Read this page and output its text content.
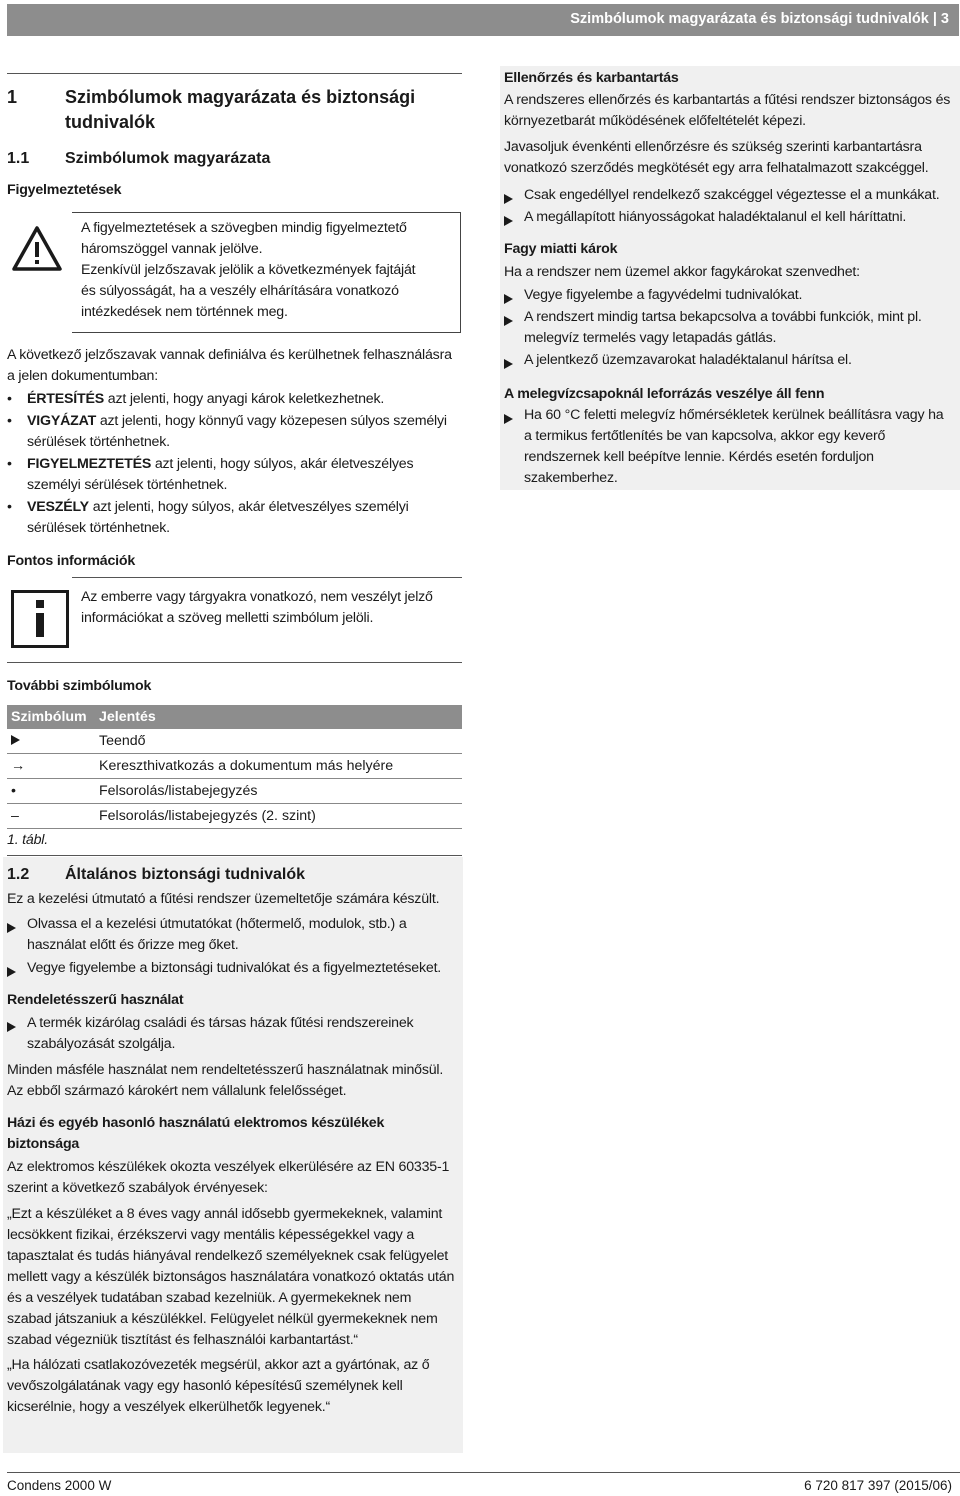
Szimbólumok magyarázata és biztonsági tudnivalók | 3
1	Szimbólumok magyarázata és biztonsági
tudnivalók
1.1 Szimbólumok magyarázata
Figyelmeztetések
A figyelmeztetések a szövegben mindig figyelmeztető
háromszöggel vannak jelölve.
Ezenkívül jelzőszavak jelölik a következmények fajtáját
és súlyosságát, ha a veszély elhárítására vonatkozó
intézkedések nem történnek meg.
A következő jelzőszavak vannak definiálva és kerülhetnek felhasználásra
a jelen dokumentumban:
• ÉRTESÍTÉS azt jelenti, hogy anyagi károk keletkezhetnek.
• VIGYÁZAT azt jelenti, hogy könnyű vagy közepesen súlyos személyi
sérülések történhetnek.
• FIGYELMEZTETÉS azt jelenti, hogy súlyos, akár életveszélyes
személyi sérülések történhetnek.
• VESZÉLY azt jelenti, hogy súlyos, akár életveszélyes személyi
sérülések történhetnek.
Fontos információk
Az emberre vagy tárgyakra vonatkozó, nem veszélyt jelző
információkat a szöveg melletti szimbólum jelöli.
További szimbólumok
Szimbólum	Jelentés
	Teendő
→	Kereszthivatkozás a dokumentum más helyére
•	Felsorolás/listabejegyzés
–	Felsorolás/listabejegyzés (2. szint)
1. tábl.
1.2 Általános biztonsági tudnivalók
Ez a kezelési útmutató a fűtési rendszer üzemeltetője számára készült.
Olvassa el a kezelési útmutatókat (hőtermelő, modulok, stb.) a
használat előtt és őrizze meg őket.
Vegye figyelembe a biztonsági tudnivalókat és a figyelmeztetéseket.
Rendeletésszerű használat
A termék kizárólag családi és társas házak fűtési rendszereinek
szabályozását szolgálja.
Minden másféle használat nem rendeltetésszerű használatnak minősül.
Az ebből származó károkért nem vállalunk felelősséget.
Házi és egyéb hasonló használatú elektromos készülékek
biztonsága
Az elektromos készülékek okozta veszélyek elkerülésére az EN 60335-1
szerint a következő szabályok érvényesek:
„Ezt a készüléket a 8 éves vagy annál idősebb gyermekeknek, valamint
lecsökkent fizikai, érzékszervi vagy mentális képességekkel vagy a
tapasztalat és tudás hiányával rendelkező személyeknek csak felügyelet
mellett vagy a készülék biztonságos használatára vonatkozó oktatás után
és a veszélyek tudatában szabad kezelniük. A gyermekeknek nem
szabad játszaniuk a készülékkel. Felügyelet nélkül gyermekeknek nem
szabad végezniük tisztítást és felhasználói karbantartást.“
„Ha hálózati csatlakozóvezeték megsérül, akkor azt a gyártónak, az ő
vevőszolgálatának vagy egy hasonló képesítésű személynek kell
kicserélnie, hogy a veszélyek elkerülhetők legyenek.“
Ellenőrzés és karbantartás
A rendszeres ellenőrzés és karbantartás a fűtési rendszer biztonságos és
környezetbarát működésének előfeltételét képezi.
Javasoljuk évenkénti ellenőrzésre és szükség szerinti karbantartásra
vonatkozó szerződés megkötését egy arra felhatalmazott szakcéggel.
Csak engedéllyel rendelkező szakcéggel végeztesse el a munkákat.
A megállapított hiányosságokat haladéktalanul el kell háríttatni.
Fagy miatti károk
Ha a rendszer nem üzemel akkor fagykárokat szenvedhet:
Vegye figyelembe a fagyvédelmi tudnivalókat.
A rendszert mindig tartsa bekapcsolva a további funkciók, mint pl.
melegvíz termelés vagy letapadás gátlás.
A jelentkező üzemzavarokat haladéktalanul hárítsa el.
A melegvízcsapoknál leforrázás veszélye áll fenn
Ha 60 °C feletti melegvíz hőmérsékletek kerülnek beállításra vagy ha
a termikus fertőtlenítés be van kapcsolva, akkor egy keverő
rendszernek kell beépítve lennie. Kérdés esetén forduljon
szakemberhez.
Condens 2000 W	6 720 817 397 (2015/06)
